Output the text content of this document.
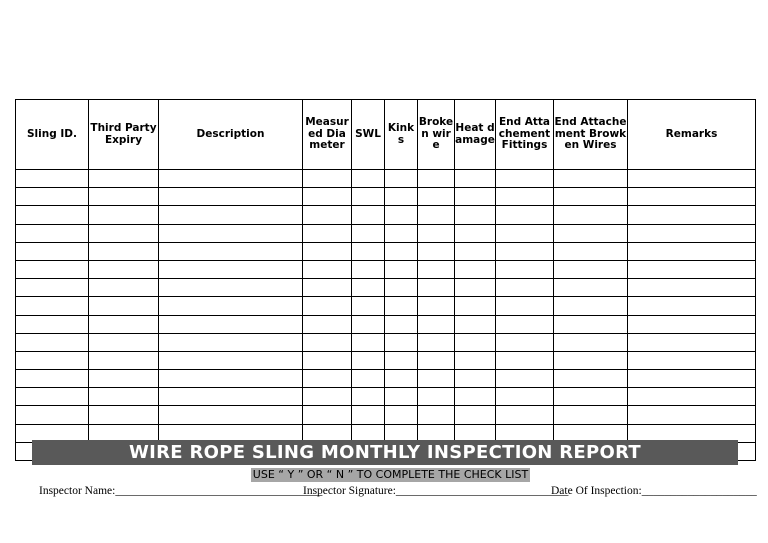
Sling ID.	Third Party Expiry	Description	Measured Diameter	SWL	Kinks	Broken wire	Heat damage	End Attachement Fittings	End Attachement Browken Wires	Remarks

WIRE ROPE SLING MONTHLY INSPECTION REPORT
USE “ Y ” OR “ N ” TO COMPLETE THE CHECK LIST
Inspector Name:____________________________________
Inspector Signature:______________________________
Date Of Inspection:____________________
